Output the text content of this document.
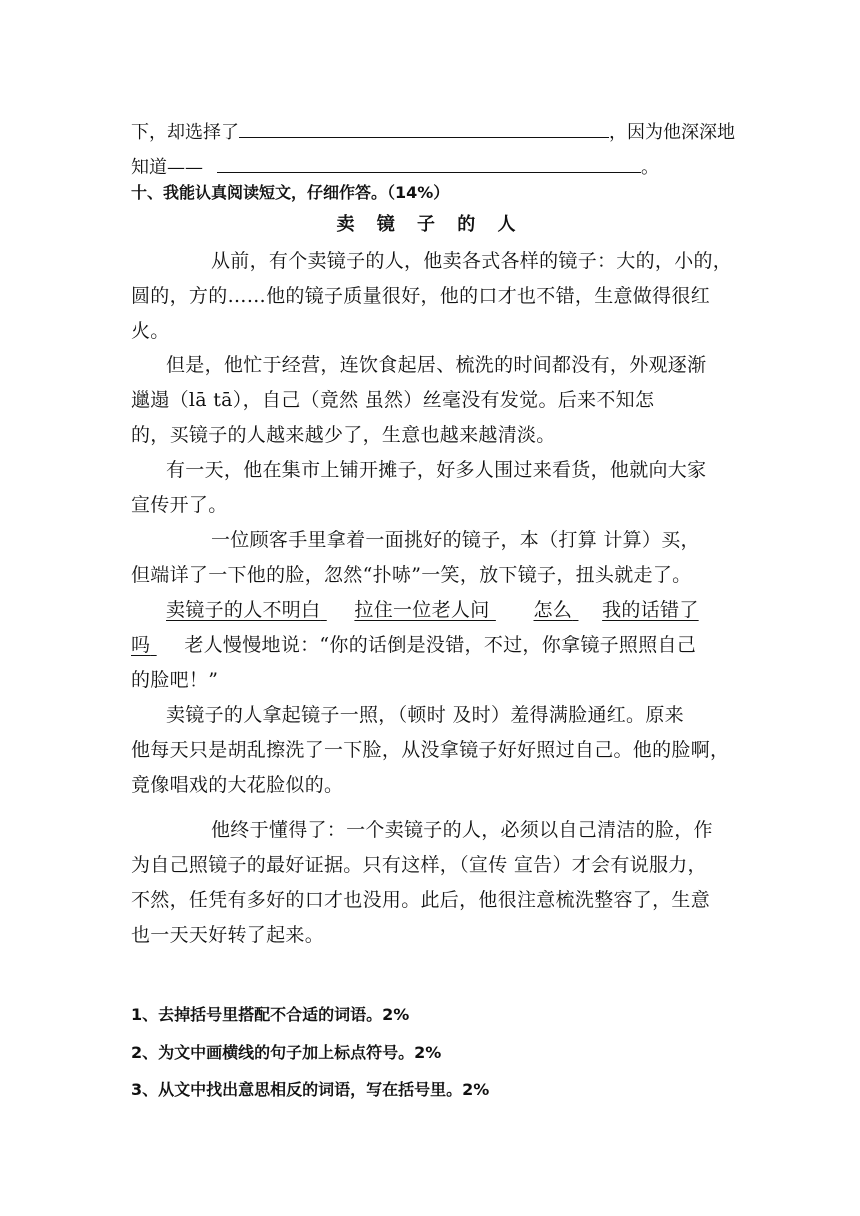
下，却选择了	，因为他深深地
知道——	。
十、我能认真阅读短文，仔细作答。（14%）
卖 镜 子 的 人
从前，有个卖镜子的人，他卖各式各样的镜子：大的，小的，
圆的，方的……他的镜子质量很好，他的口才也不错，生意做得很红
火。
但是，他忙于经营，连饮食起居、梳洗的时间都没有，外观逐渐
邋遢（lā tā），自己（竟然 虽然）丝毫没有发觉。后来不知怎
的，买镜子的人越来越少了，生意也越来越清淡。
有一天，他在集市上铺开摊子，好多人围过来看货，他就向大家
宣传开了。
一位顾客手里拿着一面挑好的镜子，本（打算 计算）买，
但端详了一下他的脸，忽然“扑哧”一笑，放下镜子，扭头就走了。
卖镜子的人不明白 拉住一位老人问 怎么 我的话错了
吗 老人慢慢地说：“你的话倒是没错，不过，你拿镜子照照自己
的脸吧！”
卖镜子的人拿起镜子一照，（顿时 及时）羞得满脸通红。原来
他每天只是胡乱擦洗了一下脸，从没拿镜子好好照过自己。他的脸啊，
竟像唱戏的大花脸似的。
他终于懂得了：一个卖镜子的人，必须以自己清洁的脸，作
为自己照镜子的最好证据。只有这样，（宣传 宣告）才会有说服力，
不然，任凭有多好的口才也没用。此后，他很注意梳洗整容了，生意
也一天天好转了起来。
1、去掉括号里搭配不合适的词语。2%
2、为文中画横线的句子加上标点符号。2%
3、从文中找出意思相反的词语，写在括号里。2%
